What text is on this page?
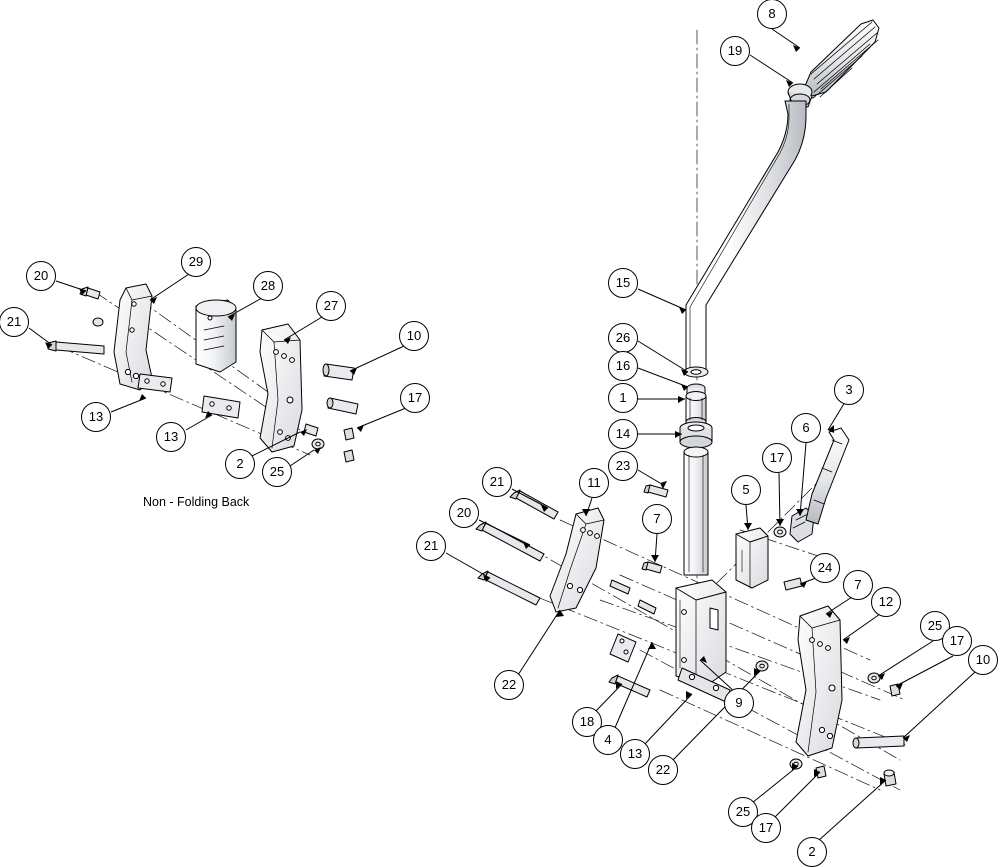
8
19
20
29
21
28
27
10
15
26
16
3
1
17
6
13
14
17
13
2	23
25
5
21	11
20	7
21
24
7
12
25
17
10
22
9
18
4
13
22
25
17
2
Non - Folding Back
